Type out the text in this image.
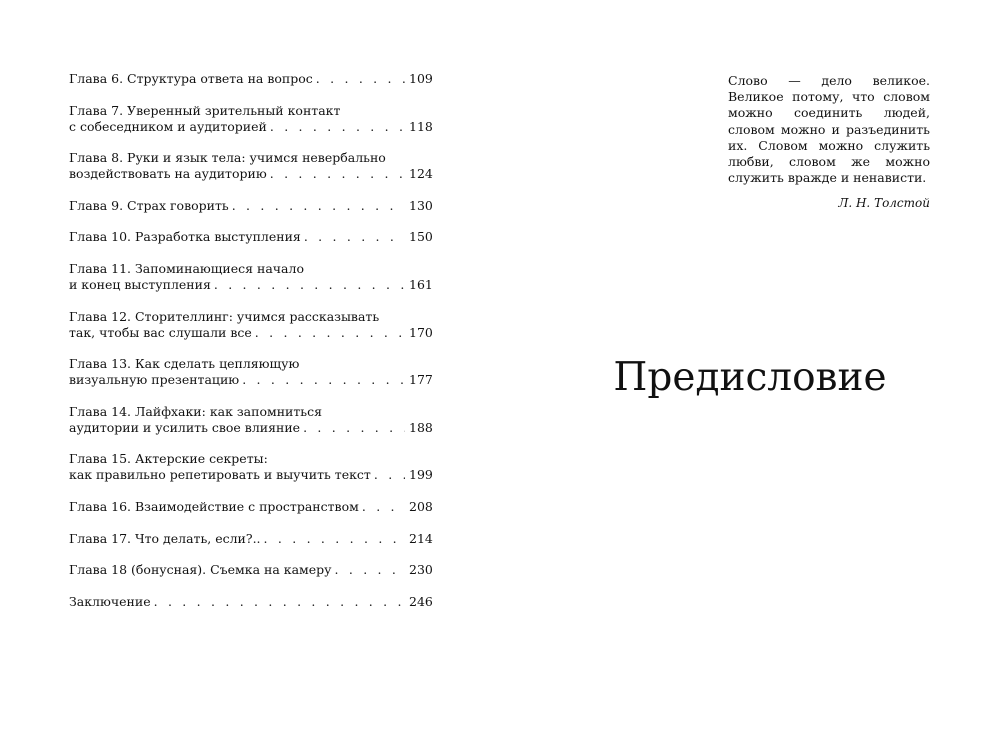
Глава 6. Структура ответа на вопрос . . .	109
Глава 7. Уверенный зрительный контакт
с собеседником и аудиторией . . .	118
Глава 8. Руки и язык тела: учимся невербально
воздействовать на аудиторию . . .	124
Глава 9. Страх говорить . . .	130
Глава 10. Разработка выступления . . .	150
Глава 11. Запоминающиеся начало
и конец выступления . . .	161
Глава 12. Сторителлинг: учимся рассказывать
так, чтобы вас слушали все . . .	170
Глава 13. Как сделать цепляющую
визуальную презентацию . . .	177
Глава 14. Лайфхаки: как запомниться
аудитории и усилить свое влияние . . .	188
Глава 15. Актерские секреты:
как правильно репетировать и выучить текст . . .	199
Глава 16. Взаимодействие с пространством . . .	208
Глава 17. Что делать, если?.. . . .	214
Глава 18 (бонусная). Съемка на камеру . . .	230
Заключение . . .	246

Слово — дело великое. Великое потому, что словом можно соединить людей, словом можно и разъединить их. Словом можно служить любви, словом же можно служить вражде и ненависти.

Л. Н. Толстой

Предисловие
